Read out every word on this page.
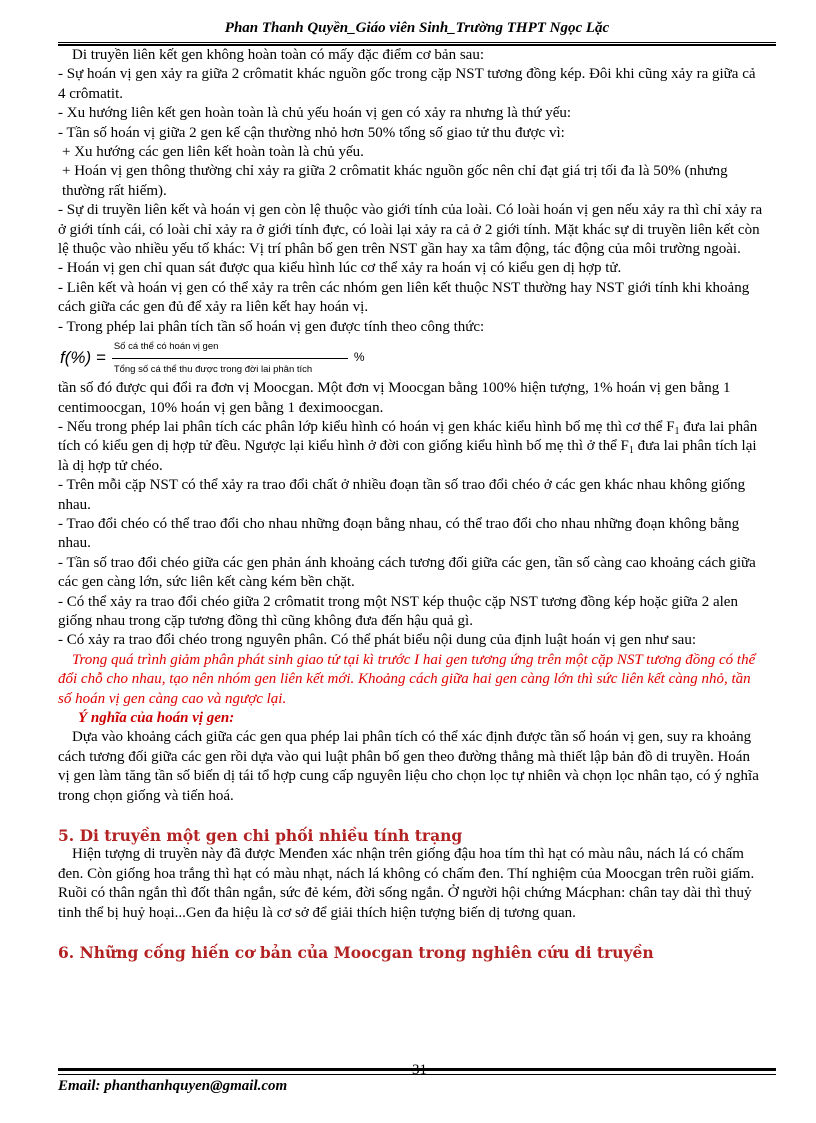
Phan Thanh Quyền_Giáo viên Sinh_Trường THPT Ngọc Lặc

Di truyền liên kết gen không hoàn toàn có mấy đặc điểm cơ bản sau:

- Sự hoán vị gen xảy ra giữa 2 crômatit khác nguồn gốc trong cặp NST tương đồng kép. Đôi khi cũng xảy ra giữa cả 4 crômatit.

- Xu hướng liên kết gen hoàn toàn là chủ yếu hoán vị gen có xảy ra nhưng là thứ yếu:

- Tần số hoán vị giữa 2 gen kế cận thường nhỏ hơn 50% tổng số giao tử thu được vì:

+ Xu hướng các gen liên kết hoàn toàn là chủ yếu.

+ Hoán vị gen thông thường chỉ xảy ra giữa 2 crômatit khác nguồn gốc nên chỉ đạt giá trị tối đa là 50% (nhưng thường rất hiếm).

- Sự di truyền liên kết và hoán vị gen còn lệ thuộc vào giới tính của loài. Có loài hoán vị gen nếu xảy ra thì chỉ xảy ra ở giới tính cái, có loài chỉ xảy ra ở giới tính đực, có loài lại xảy ra cả ở 2 giới tính. Mặt khác sự di truyền liên kết còn lệ thuộc vào nhiều yếu tố khác: Vị trí phân bố gen trên NST gần hay xa tâm động, tác động của môi trường ngoài.

- Hoán vị gen chỉ quan sát được qua kiểu hình lúc cơ thể xảy ra hoán vị có kiểu gen dị hợp tử.

- Liên kết và hoán vị gen có thể xảy ra trên các nhóm gen liên kết thuộc NST thường hay NST giới tính khi khoảng cách giữa các gen đủ để xảy ra liên kết hay hoán vị.

- Trong phép lai phân tích tần số hoán vị gen được tính theo công thức:

$f(\%) = \frac{\text{Số cá thể có hoán vị gen}}{\text{Tổng số cá thể thu được trong đời lai phân tích}}$ %

tần số đó được qui đổi ra đơn vị Moocgan. Một đơn vị Moocgan bằng 100% hiện tượng, 1% hoán vị gen bằng 1 centimoocgan, 10% hoán vị gen bằng 1 đeximoocgan.

- Nếu trong phép lai phân tích các phân lớp kiểu hình có hoán vị gen khác kiểu hình bố mẹ thì cơ thể $F_1$ đưa lai phân tích có kiểu gen dị hợp tử đều. Ngược lại kiểu hình ở đời con giống kiểu hình bố mẹ thì ở thể $F_1$ đưa lai phân tích lại là dị hợp tử chéo.

- Trên mỗi cặp NST có thể xảy ra trao đổi chất ở nhiều đoạn tần số trao đổi chéo ở các gen khác nhau không giống nhau.

- Trao đổi chéo có thể trao đổi cho nhau những đoạn bằng nhau, có thể trao đổi cho nhau những đoạn không bằng nhau.

- Tần số trao đổi chéo giữa các gen phản ánh khoảng cách tương đối giữa các gen, tần số càng cao khoảng cách giữa các gen càng lớn, sức liên kết càng kém bền chặt.

- Có thể xảy ra trao đổi chéo giữa 2 crômatit trong một NST kép thuộc cặp NST tương đồng kép hoặc giữa 2 alen giống nhau trong cặp tương đồng thì cũng không đưa đến hậu quả gì.

- Có xảy ra trao đổi chéo trong nguyên phân. Có thể phát biểu nội dung của định luật hoán vị gen như sau:

Trong quá trình giảm phân phát sinh giao tử tại kì trước I hai gen tương ứng trên một cặp NST tương đồng có thể đổi chỗ cho nhau, tạo nên nhóm gen liên kết mới. Khoảng cách giữa hai gen càng lớn thì sức liên kết càng nhỏ, tần số hoán vị gen càng cao và ngược lại.

Ý nghĩa của hoán vị gen:

Dựa vào khoảng cách giữa các gen qua phép lai phân tích có thể xác định được tần số hoán vị gen, suy ra khoảng cách tương đối giữa các gen rồi dựa vào qui luật phân bố gen theo đường thẳng mà thiết lập bản đồ di truyền. Hoán vị gen làm tăng tần số biến dị tái tổ hợp cung cấp nguyên liệu cho chọn lọc tự nhiên và chọn lọc nhân tạo, có ý nghĩa trong chọn giống và tiến hoá.

5. Di truyền một gen chi phối nhiều tính trạng

Hiện tượng di truyền này đã được Menđen xác nhận trên giống đậu hoa tím thì hạt có màu nâu, nách lá có chấm đen. Còn giống hoa trắng thì hạt có màu nhạt, nách lá không có chấm đen. Thí nghiệm của Moocgan trên ruồi giấm. Ruồi có thân ngắn thì đốt thân ngắn, sức đẻ kém, đời sống ngắn. Ở người hội chứng Mácphan: chân tay dài thì thuỷ tinh thể bị huỷ hoại...Gen đa hiệu là cơ sở để giải thích hiện tượng biến dị tương quan.

6. Những cống hiến cơ bản của Moocgan trong nghiên cứu di truyền

31
Email: phanthanhquyen@gmail.com
